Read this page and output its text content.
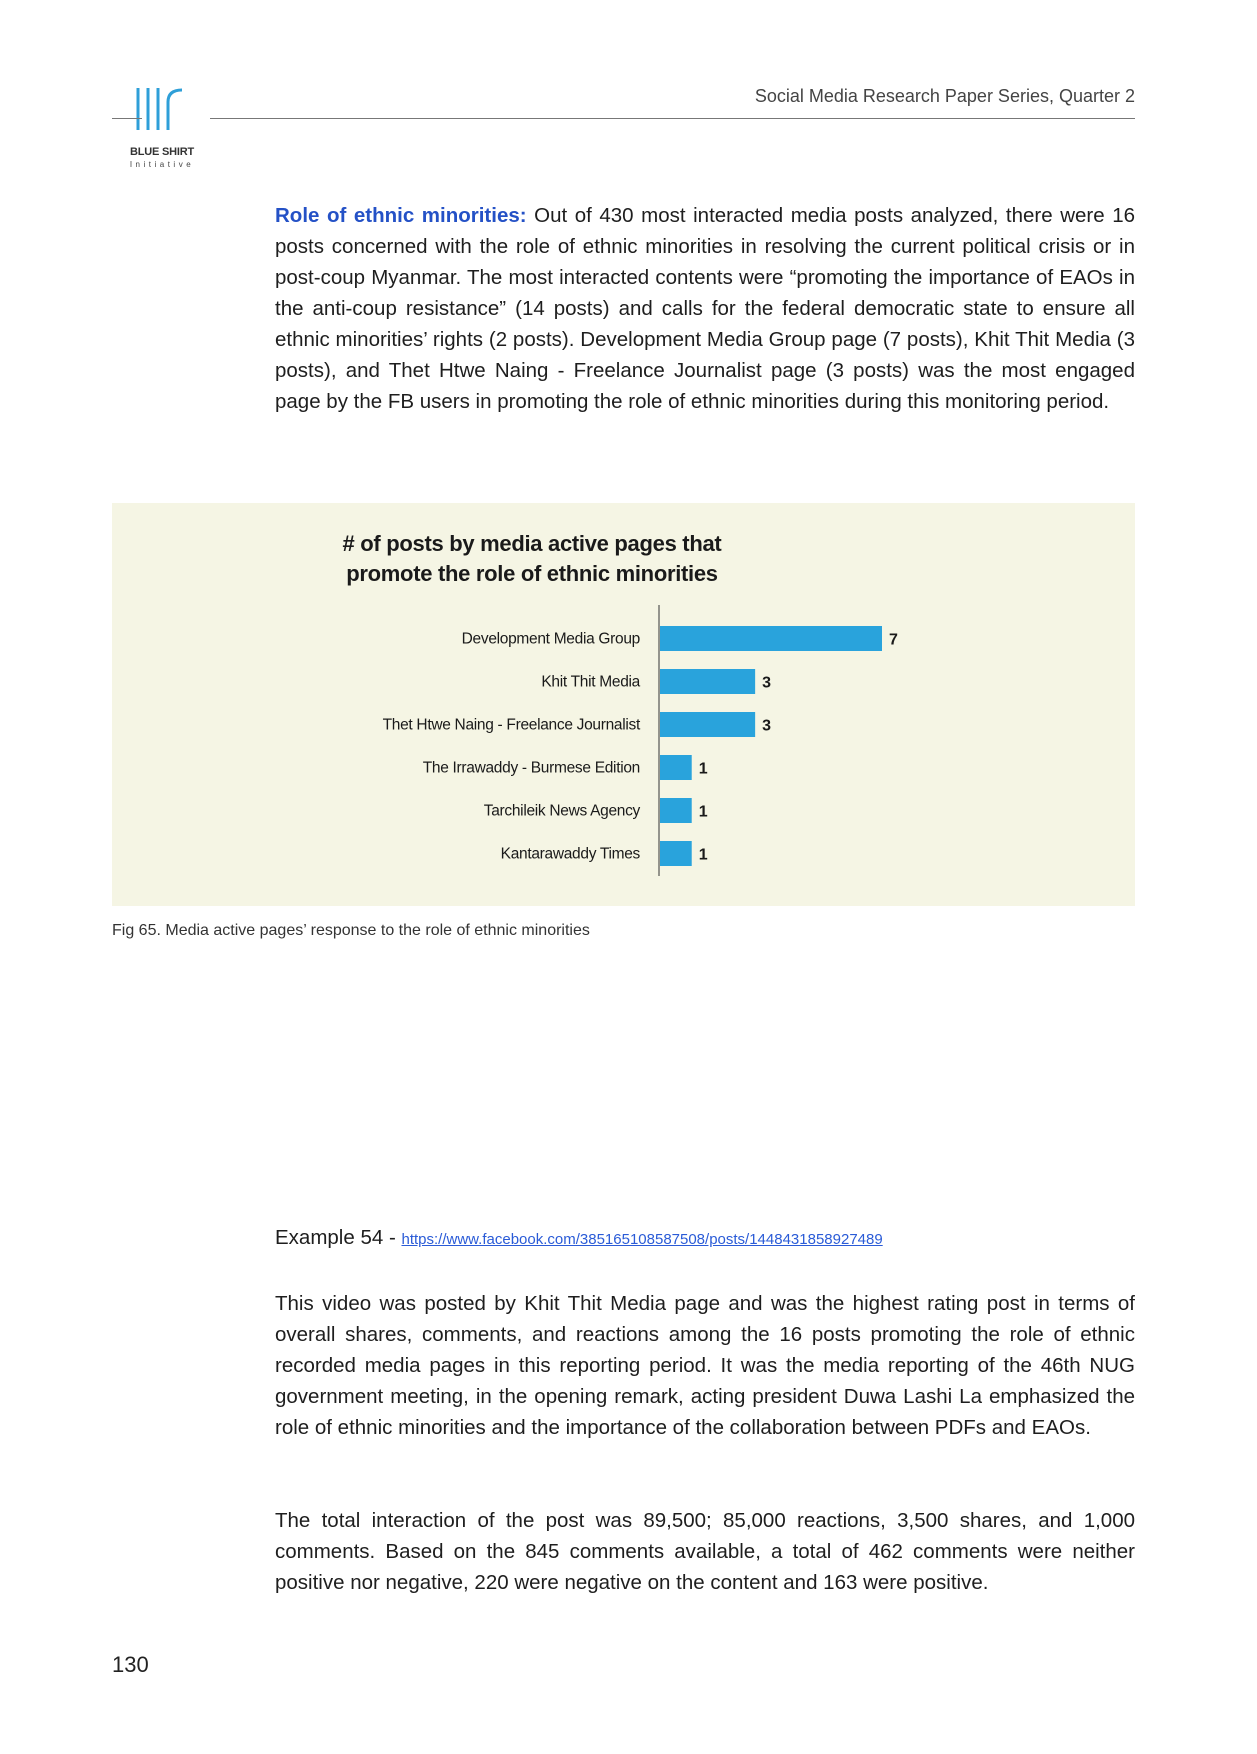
BLUE SHIRT
Initiative
Social Media Research Paper Series, Quarter 2
Role of ethnic minorities: Out of 430 most interacted media posts analyzed, there were 16 posts concerned with the role of ethnic minorities in resolving the current political crisis or in post-coup Myanmar. The most interacted contents were “promoting the importance of EAOs in the anti-coup resistance” (14 posts) and calls for the federal democratic state to ensure all ethnic minorities’ rights (2 posts). Development Media Group page (7 posts), Khit Thit Media (3 posts), and Thet Htwe Naing - Freelance Journalist page (3 posts) was the most engaged page by the FB users in promoting the role of ethnic minorities during this monitoring period.
# of posts by media active pages that promote the role of ethnic minorities
Development Media Group	7
Khit Thit Media	3
Thet Htwe Naing - Freelance Journalist	3
The Irrawaddy - Burmese Edition	1
Tarchileik News Agency	1
Kantarawaddy Times	1
Fig 65. Media active pages’ response to the role of ethnic minorities
Example 54 - https://www.facebook.com/385165108587508/posts/1448431858927489
This video was posted by Khit Thit Media page and was the highest rating post in terms of overall shares, comments, and reactions among the 16 posts promoting the role of ethnic recorded media pages in this reporting period. It was the media reporting of the 46th NUG government meeting, in the opening remark, acting president Duwa Lashi La emphasized the role of ethnic minorities and the importance of the collaboration between PDFs and EAOs.
The total interaction of the post was 89,500; 85,000 reactions, 3,500 shares, and 1,000 comments. Based on the 845 comments available, a total of 462 comments were neither positive nor negative, 220 were negative on the content and 163 were positive.
130
